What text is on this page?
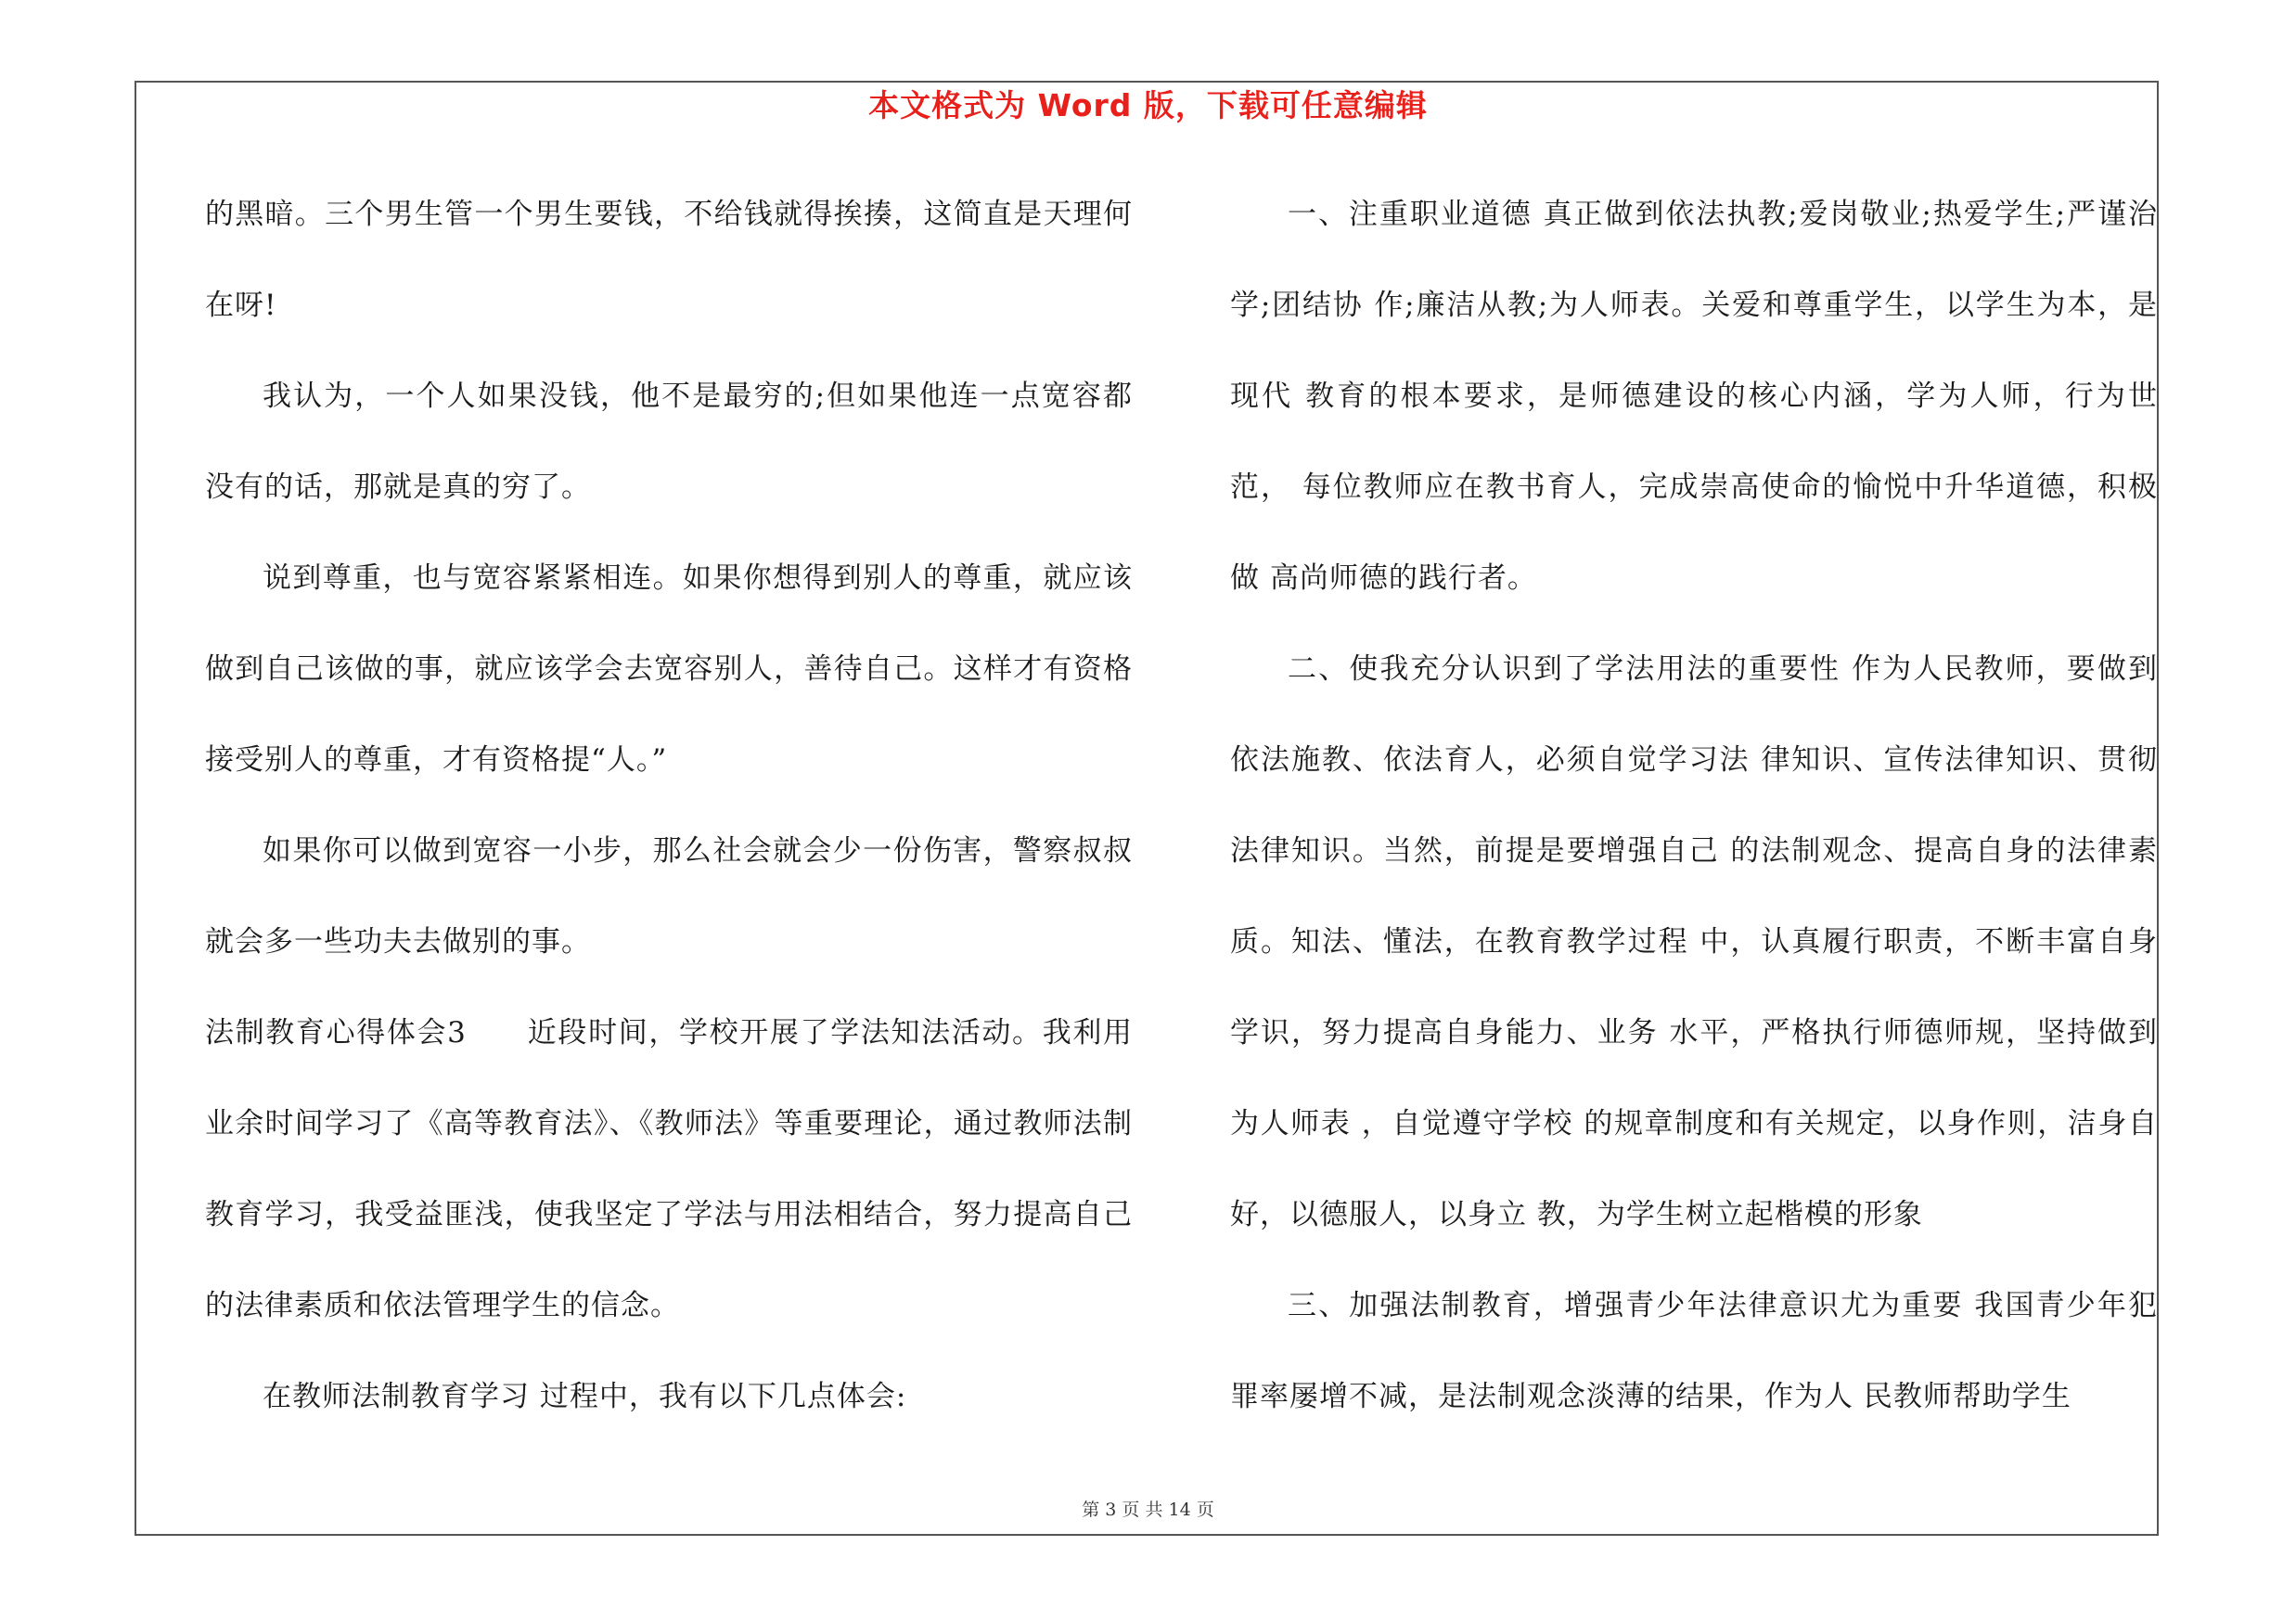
本文格式为 Word 版，下载可任意编辑

的黑暗。三个男生管一个男生要钱，不给钱就得挨揍，这简直是天理何在呀!

我认为，一个人如果没钱，他不是最穷的;但如果他连一点宽容都没有的话，那就是真的穷了。

说到尊重，也与宽容紧紧相连。如果你想得到别人的尊重，就应该做到自己该做的事，就应该学会去宽容别人，善待自己。这样才有资格接受别人的尊重，才有资格提“人。”

如果你可以做到宽容一小步，那么社会就会少一份伤害，警察叔叔就会多一些功夫去做别的事。

法制教育心得体会3　　近段时间，学校开展了学法知法活动。我利用业余时间学习了《高等教育法》、《教师法》等重要理论，通过教师法制教育学习，我受益匪浅，使我坚定了学法与用法相结合，努力提高自己的法律素质和依法管理学生的信念。

在教师法制教育学习 过程中，我有以下几点体会:

一、注重职业道德 真正做到依法执教;爱岗敬业;热爱学生;严谨治学;团结协 作;廉洁从教;为人师表。关爱和尊重学生，以学生为本，是现代 教育的根本要求，是师德建设的核心内涵，学为人师，行为世范， 每位教师应在教书育人，完成崇高使命的愉悦中升华道德，积极做 高尚师德的践行者。

二、使我充分认识到了学法用法的重要性 作为人民教师，要做到依法施教、依法育人，必须自觉学习法 律知识、宣传法律知识、贯彻法律知识。当然，前提是要增强自己 的法制观念、提高自身的法律素质。知法、懂法，在教育教学过程 中，认真履行职责，不断丰富自身学识，努力提高自身能力、业务 水平，严格执行师德师规，坚持做到 为人师表 ，自觉遵守学校 的规章制度和有关规定，以身作则，洁身自好，以德服人，以身立 教，为学生树立起楷模的形象

三、加强法制教育，增强青少年法律意识尤为重要 我国青少年犯罪率屡增不减，是法制观念淡薄的结果，作为人 民教师帮助学生

第 3 页 共 14 页
